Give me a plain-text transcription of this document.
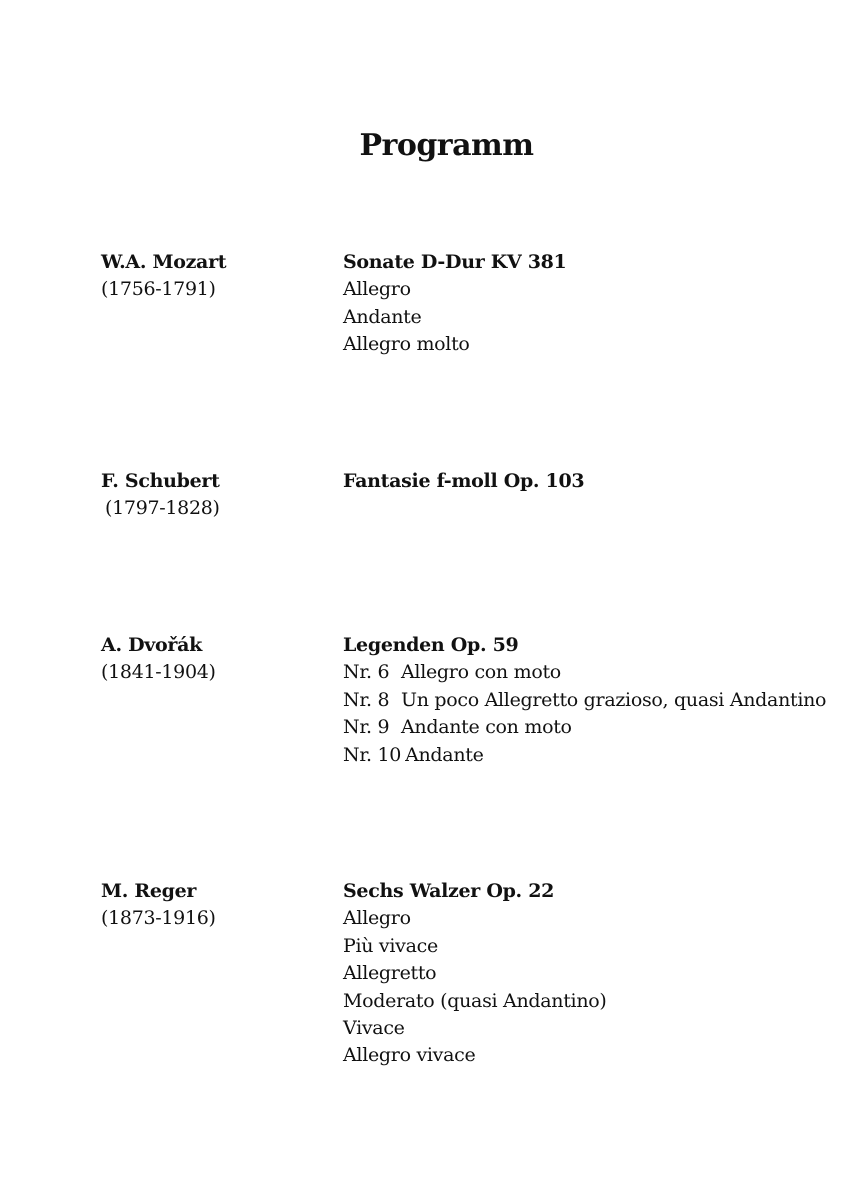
Programm
W.A. Mozart
(1756-1791)
Sonate D-Dur KV 381
Allegro
Andante
Allegro molto
F. Schubert
(1797-1828)
Fantasie f-moll Op. 103
A. Dvořák
(1841-1904)
Legenden Op. 59
Nr. 6 Allegro con moto
Nr. 8 Un poco Allegretto grazioso, quasi Andantino
Nr. 9 Andante con moto
Nr. 10 Andante
M. Reger
(1873-1916)
Sechs Walzer Op. 22
Allegro
Più vivace
Allegretto
Moderato (quasi Andantino)
Vivace
Allegro vivace
